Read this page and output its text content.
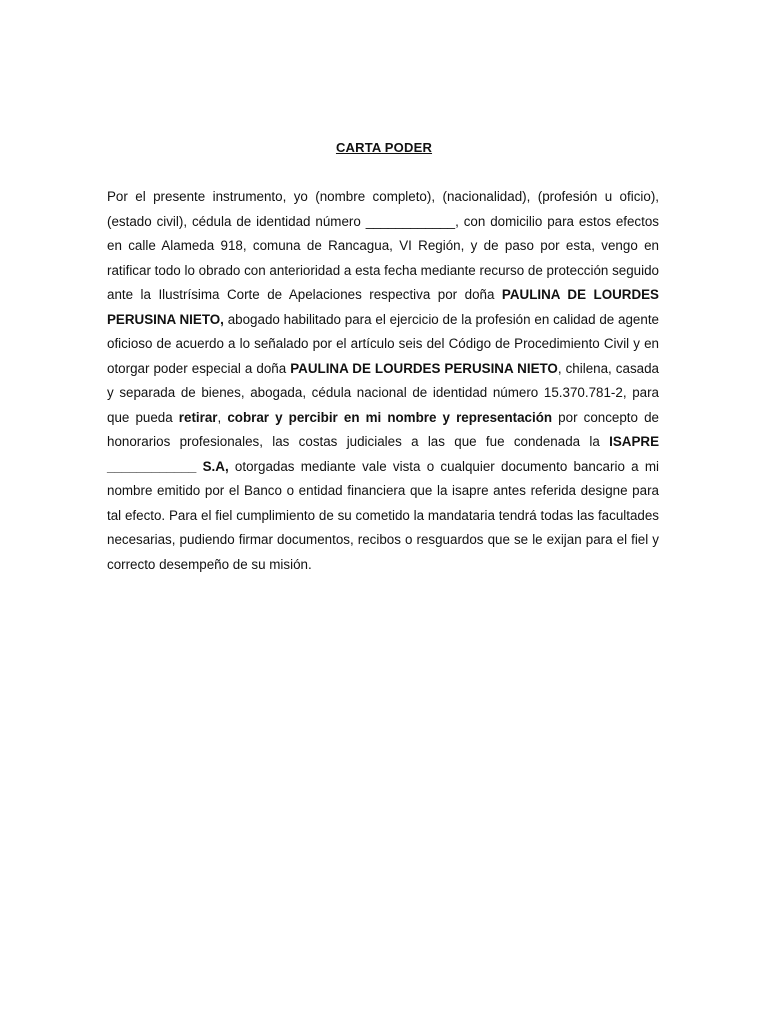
CARTA PODER

Por el presente instrumento, yo (nombre completo), (nacionalidad), (profesión u oficio), (estado civil), cédula de identidad número ____________, con domicilio para estos efectos en calle Alameda 918, comuna de Rancagua, VI Región, y de paso por esta, vengo en ratificar todo lo obrado con anterioridad a esta fecha mediante recurso de protección seguido ante la Ilustrísima Corte de Apelaciones respectiva por doña PAULINA DE LOURDES PERUSINA NIETO, abogado habilitado para el ejercicio de la profesión en calidad de agente oficioso de acuerdo a lo señalado por el artículo seis del Código de Procedimiento Civil y en otorgar poder especial a doña PAULINA DE LOURDES PERUSINA NIETO, chilena, casada y separada de bienes, abogada, cédula nacional de identidad número 15.370.781-2, para que pueda retirar, cobrar y percibir en mi nombre y representación por concepto de honorarios profesionales, las costas judiciales a las que fue condenada la ISAPRE ____________ S.A, otorgadas mediante vale vista o cualquier documento bancario a mi nombre emitido por el Banco o entidad financiera que la isapre antes referida designe para tal efecto. Para el fiel cumplimiento de su cometido la mandataria tendrá todas las facultades necesarias, pudiendo firmar documentos, recibos o resguardos que se le exijan para el fiel y correcto desempeño de su misión.
